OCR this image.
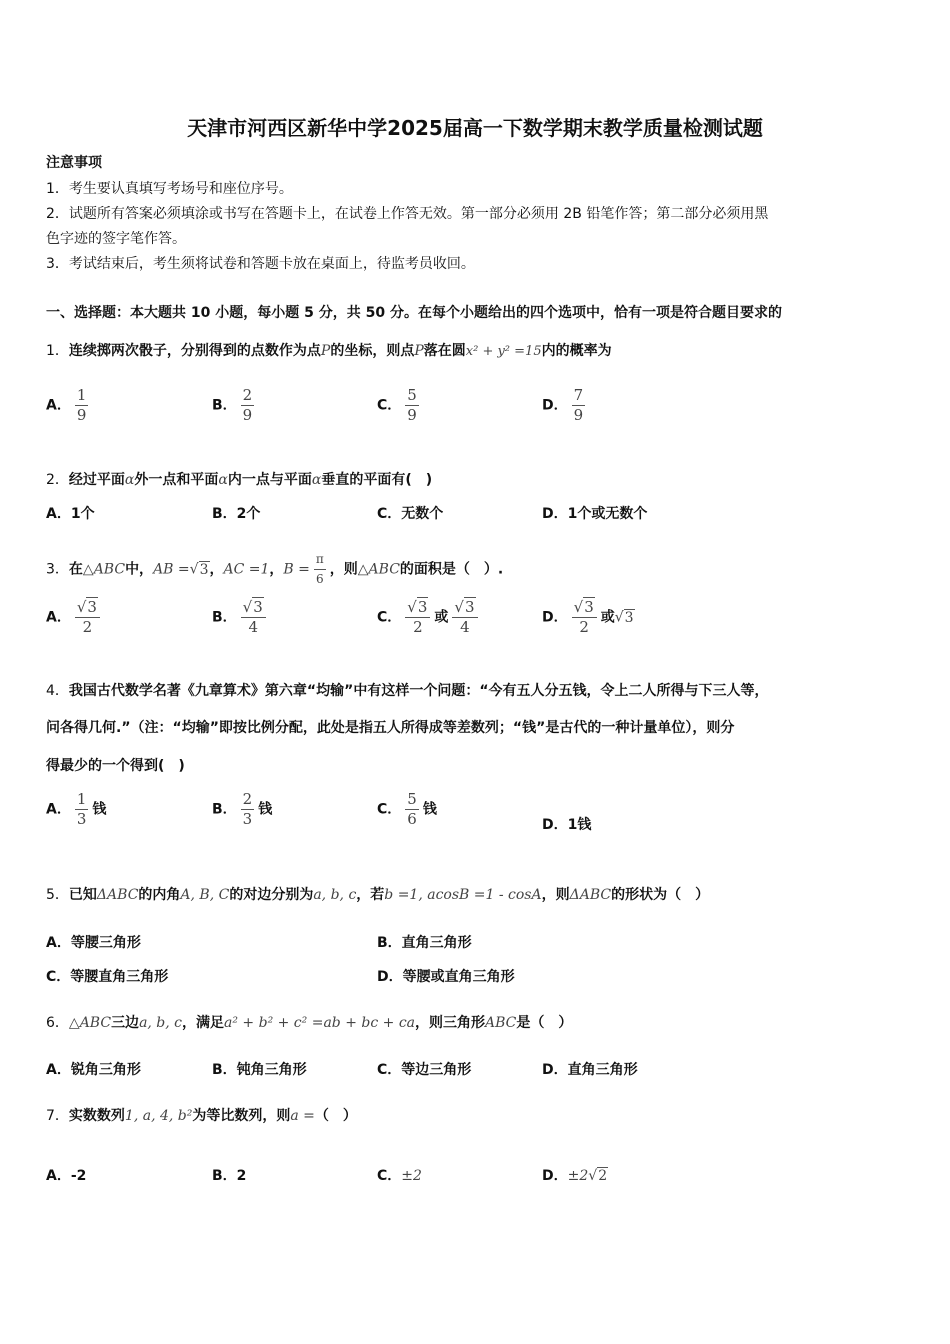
天津市河西区新华中学2025届高一下数学期末教学质量检测试题
注意事项
1．考生要认真填写考场号和座位序号。
2．试题所有答案必须填涂或书写在答题卡上，在试卷上作答无效。第一部分必须用 2B 铅笔作答；第二部分必须用黑
色字迹的签字笔作答。
3．考试结束后，考生须将试卷和答题卡放在桌面上，待监考员收回。
一、选择题：本大题共 10 小题，每小题 5 分，共 50 分。在每个小题给出的四个选项中，恰有一项是符合题目要求的
1．连续掷两次骰子，分别得到的点数作为点P的坐标，则点P落在圆x² + y² =15内的概率为
A． $\frac{1}{9}$	B． $\frac{2}{9}$	C． $\frac{5}{9}$	D． $\frac{7}{9}$
2．经过平面α外一点和平面α内一点与平面α垂直的平面有(　)
A．1个	B．2个	C．无数个	D．1个或无数个
3．在△ABC中，AB =√3，AC =1，$B = \frac{\pi}{6}$ ，则△ABC的面积是（　）.
A． $\frac{√3}{2}$	B． $\frac{√3}{4}$	C． $\frac{√3}{2}$ 或 $\frac{√3}{4}$	D． $\frac{√3}{2}$ 或√3
4．我国古代数学名著《九章算术》第六章“均输”中有这样一个问题：“今有五人分五钱，令上二人所得与下三人等，
问各得几何.”（注：“均输”即按比例分配，此处是指五人所得成等差数列；“钱”是古代的一种计量单位），则分
得最少的一个得到(　)
A． $\frac{1}{3}$ 钱	B． $\frac{2}{3}$ 钱	C． $\frac{5}{6}$ 钱
D．1钱
5．已知ΔABC的内角A, B, C的对边分别为a, b, c，若b =1, acosB =1 - cosA，则ΔABC的形状为（　）
A．等腰三角形	B．直角三角形
C．等腰直角三角形	D．等腰或直角三角形
6．△ABC三边a, b, c，满足a² + b² + c² =ab + bc + ca，则三角形ABC是（　）
A．锐角三角形	B．钝角三角形	C．等边三角形	D．直角三角形
7．实数数列1, a, 4, b²为等比数列，则a =（　）
A．-2	B．2	C．±2	D．±2√2
